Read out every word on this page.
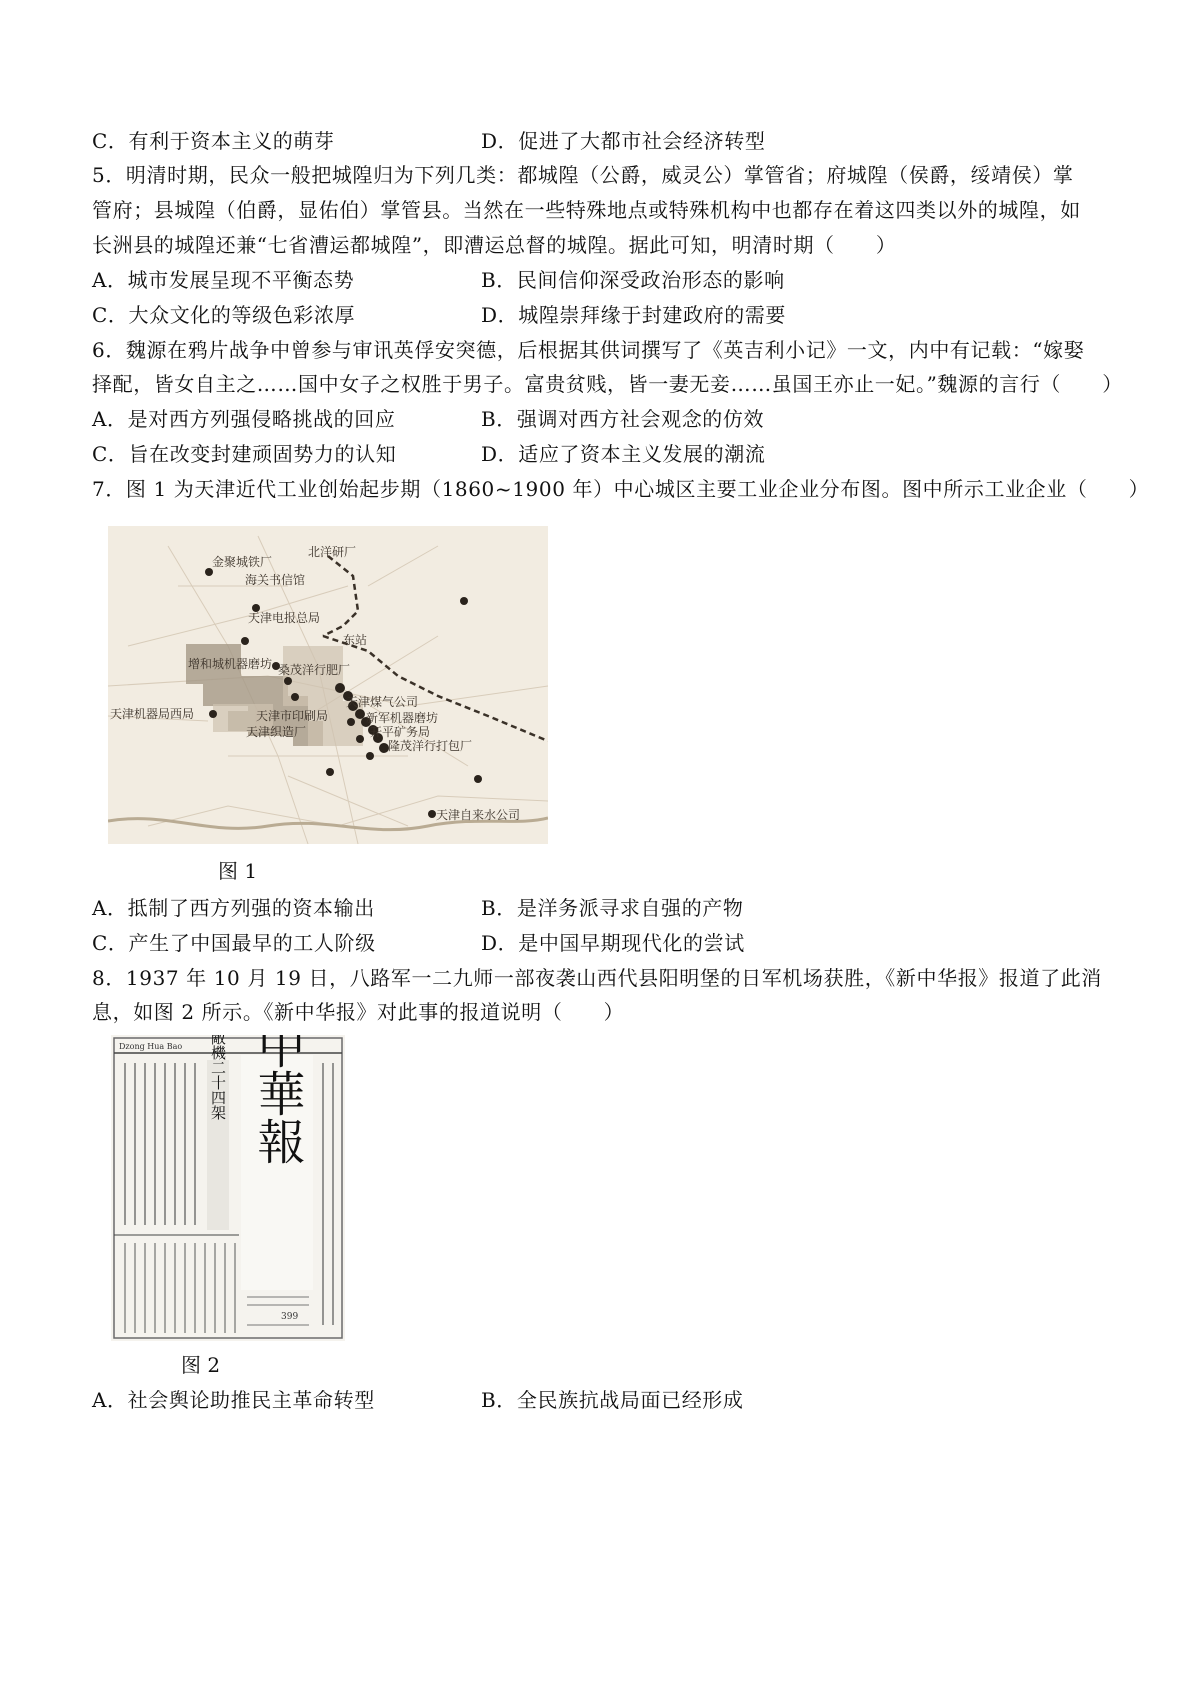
C．有利于资本主义的萌芽	D．促进了大都市社会经济转型
5．明清时期，民众一般把城隍归为下列几类：都城隍（公爵，威灵公）掌管省；府城隍（侯爵，绥靖侯）掌
管府；县城隍（伯爵，显佑伯）掌管县。当然在一些特殊地点或特殊机构中也都存在着这四类以外的城隍，如
长洲县的城隍还兼“七省漕运都城隍”，即漕运总督的城隍。据此可知，明清时期（　　）
A．城市发展呈现不平衡态势	B．民间信仰深受政治形态的影响
C．大众文化的等级色彩浓厚	D．城隍崇拜缘于封建政府的需要
6．魏源在鸦片战争中曾参与审讯英俘安突德，后根据其供词撰写了《英吉利小记》一文，内中有记载：“嫁娶
择配，皆女自主之……国中女子之权胜于男子。富贵贫贱，皆一妻无妾……虽国王亦止一妃。”魏源的言行（　　）
A．是对西方列强侵略挑战的回应	B．强调对西方社会观念的仿效
C．旨在改变封建顽固势力的认知	D．适应了资本主义发展的潮流
7．图 1 为天津近代工业创始起步期（1860~1900 年）中心城区主要工业企业分布图。图中所示工业企业（　　）
金聚城铁厂
海关书信馆
北洋研厂
天津电报总局
东站
增和城机器磨坊 桑茂洋行肥厂
天津煤气公司
天津机器局西局	天津市印刷局	新军机器磨坊
天津织造厂	开平矿务局
隆茂洋行打包厂
天津自来水公司
图 1
A．抵制了西方列强的资本输出	B．是洋务派寻求自强的产物
C．产生了中国最早的工人阶级	D．是中国早期现代化的尝试
8．1937 年 10 月 19 日，八路军一二九师一部夜袭山西代县阳明堡的日军机场获胜，《新中华报》报道了此消
息，如图 2 所示。《新中华报》对此事的报道说明（　　）
Dzong Hua Bao 新中華報
敵機二十四架
399
图 2
A．社会舆论助推民主革命转型	B．全民族抗战局面已经形成
